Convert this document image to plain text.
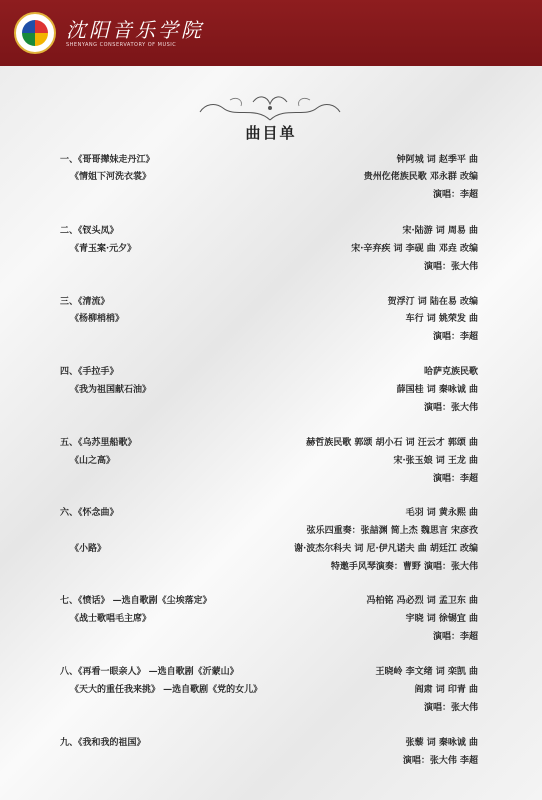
沈阳音乐学院
SHENYANG CONSERVATORY OF MUSIC
曲目单
一、《哥哥撵妹走丹江》	钟阿城 词 赵季平 曲
《情姐下河洗衣裳》	贵州仡佬族民歌 邓永群 改编
演唱：李超
二、《钗头凤》	宋·陆游 词 周易 曲
《青玉案·元夕》	宋·辛弃疾 词 李砚 曲 邓垚 改编
演唱：张大伟
三、《清流》	贺浮汀 词 陆在易 改编
《杨柳梢梢》	车行 词 姚荣发 曲
演唱：李超
四、《手拉手》	哈萨克族民歌
《我为祖国献石油》	薛国桂 词 秦咏诚 曲
演唱：张大伟
五、《乌苏里船歌》	赫哲族民歌 郭颂 胡小石 词 汪云才 郭颂 曲
《山之高》	宋·张玉娘 词 王龙 曲
演唱：李超
六、《怀念曲》	毛羽 词 黄永熙 曲
弦乐四重奏：张喆渊 简上杰 魏思言 宋彦孜
《小路》	谢·波杰尔科夫 词 尼·伊凡诺夫 曲 胡廷江 改编
特邀手风琴演奏：曹野 演唱：张大伟
七、《愤话》 —选自歌剧《尘埃落定》	冯柏铭 冯必烈 词 孟卫东 曲
《战士歌唱毛主席》	宇晓 词 徐锡宜 曲
演唱：李超
八、《再看一眼亲人》 —选自歌剧《沂蒙山》	王晓岭 李文绪 词 栾凯 曲
《天大的重任我来挑》 —选自歌剧《党的女儿》	阎肃 词 印青 曲
演唱：张大伟
九、《我和我的祖国》	张藜 词 秦咏诚 曲
演唱：张大伟 李超
